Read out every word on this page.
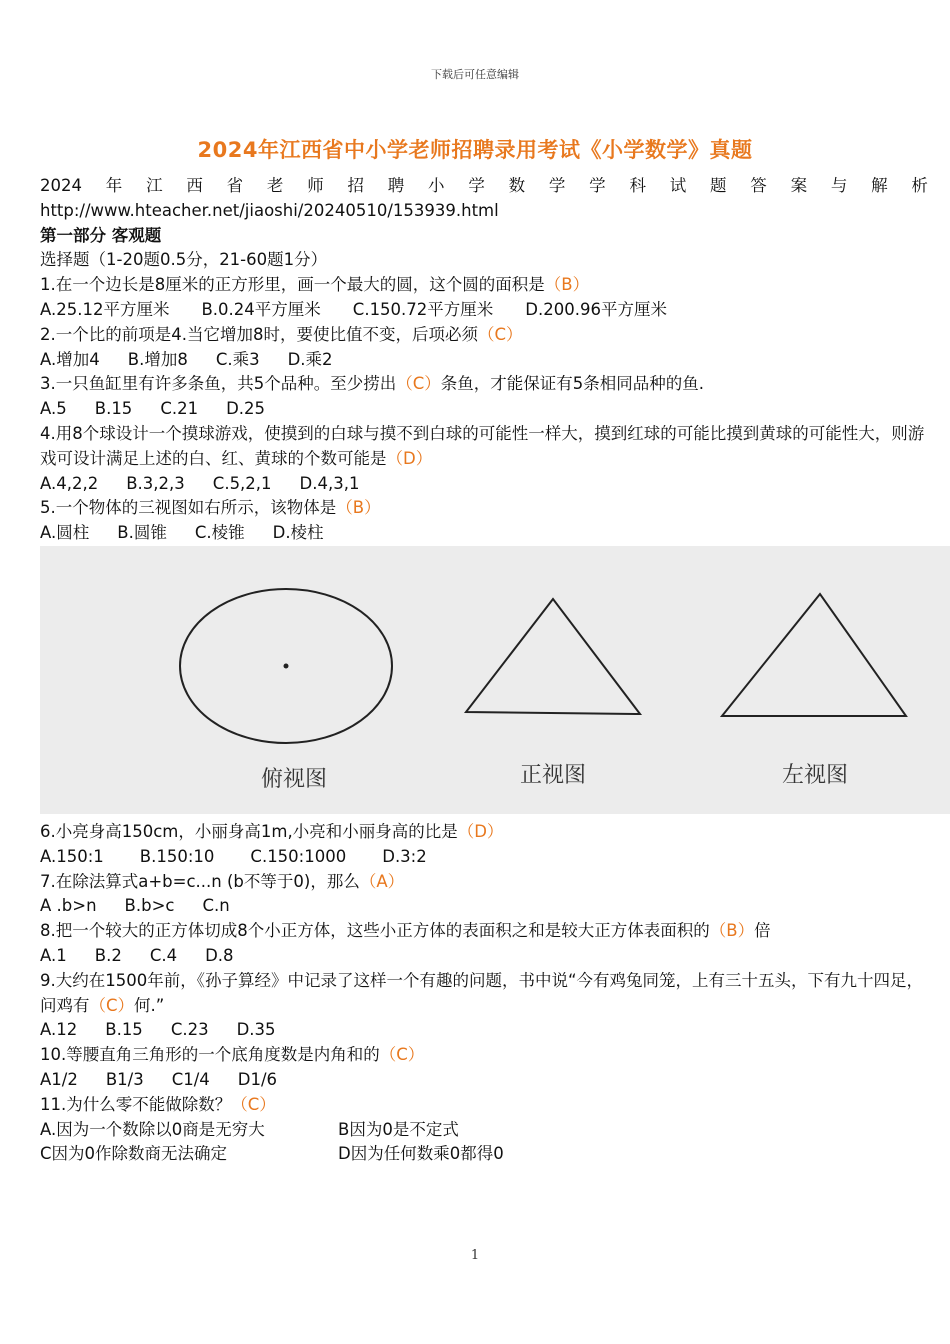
下载后可任意编辑
2024年江西省中小学老师招聘录用考试《小学数学》真题
2024 年 江 西 省 老 师 招 聘 小 学 数 学 学 科 试 题 答 案 与 解 析
http://www.hteacher.net/jiaoshi/20240510/153939.html
第一部分 客观题
选择题（1-20题0.5分，21-60题1分）
1.在一个边长是8厘米的正方形里，画一个最大的圆，这个圆的面积是（B）
A.25.12平方厘米 B.0.24平方厘米 C.150.72平方厘米 D.200.96平方厘米
2.一个比的前项是4.当它增加8时，要使比值不变，后项必须（C）
A.增加4 B.增加8 C.乘3 D.乘2
3.一只鱼缸里有许多条鱼，共5个品种。至少捞出（C）条鱼，才能保证有5条相同品种的鱼.
A.5 B.15 C.21 D.25
4.用8个球设计一个摸球游戏，使摸到的白球与摸不到白球的可能性一样大，摸到红球的可能比摸到黄球的可能性大，则游戏可设计满足上述的白、红、黄球的个数可能是（D）
A.4,2,2 B.3,2,3 C.5,2,1 D.4,3,1
5.一个物体的三视图如右所示，该物体是（B）
A.圆柱 B.圆锥 C.棱锥 D.棱柱
俯视图	正视图	左视图
6.小亮身高150cm，小丽身高1m,小亮和小丽身高的比是（D）
A.150:1 B.150:10 C.150:1000 D.3:2
7.在除法算式a+b=c...n (b不等于0)，那么（A）
A .b>n B.b>c C.n
8.把一个较大的正方体切成8个小正方体，这些小正方体的表面积之和是较大正方体表面积的（B）倍
A.1 B.2 C.4 D.8
9.大约在1500年前，《孙子算经》中记录了这样一个有趣的问题，书中说“今有鸡兔同笼，上有三十五头，下有九十四足，问鸡有（C）何.”
A.12 B.15 C.23 D.35
10.等腰直角三角形的一个底角度数是内角和的（C）
A1/2 B1/3 C1/4 D1/6
11.为什么零不能做除数？（C）
A.因为一个数除以0商是无穷大	B因为0是不定式
C因为0作除数商无法确定	D因为任何数乘0都得0
1
